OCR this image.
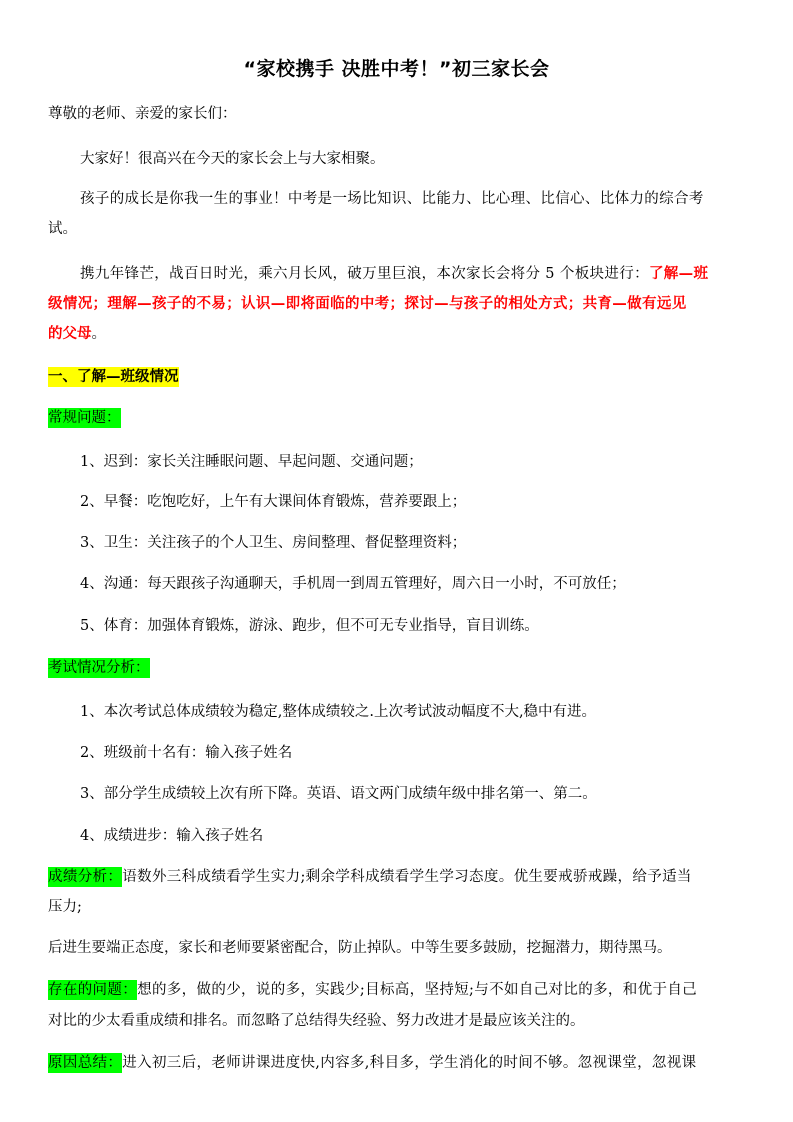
“家校携手 决胜中考！”初三家长会
尊敬的老师、亲爱的家长们：
大家好！很高兴在今天的家长会上与大家相聚。
孩子的成长是你我一生的事业！中考是一场比知识、比能力、比心理、比信心、比体力的综合考
试。
携九年锋芒，战百日时光，乘六月长风，破万里巨浪，本次家长会将分 5 个板块进行：了解—班
级情况；理解—孩子的不易；认识—即将面临的中考；探讨—与孩子的相处方式；共育—做有远见
的父母。
一、了解—班级情况
常规问题：
1、迟到：家长关注睡眠问题、早起问题、交通问题；
2、早餐：吃饱吃好，上午有大课间体育锻炼，营养要跟上；
3、卫生：关注孩子的个人卫生、房间整理、督促整理资料；
4、沟通：每天跟孩子沟通聊天，手机周一到周五管理好，周六日一小时，不可放任；
5、体育：加强体育锻炼，游泳、跑步，但不可无专业指导，盲目训练。
考试情况分析：
1、本次考试总体成绩较为稳定,整体成绩较之.上次考试波动幅度不大,稳中有进。
2、班级前十名有：输入孩子姓名
3、部分学生成绩较上次有所下降。英语、语文两门成绩年级中排名第一、第二。
4、成绩进步：输入孩子姓名
成绩分析：语数外三科成绩看学生实力;剩余学科成绩看学生学习态度。优生要戒骄戒躁，给予适当
压力;
后进生要端正态度，家长和老师要紧密配合，防止掉队。中等生要多鼓励，挖掘潜力，期待黑马。
存在的问题：想的多，做的少，说的多，实践少;目标高，坚持短;与不如自己对比的多，和优于自己
对比的少太看重成绩和排名。而忽略了总结得失经验、努力改进才是最应该关注的。
原因总结：进入初三后，老师讲课进度快,内容多,科目多，学生消化的时间不够。忽视课堂，忽视课
